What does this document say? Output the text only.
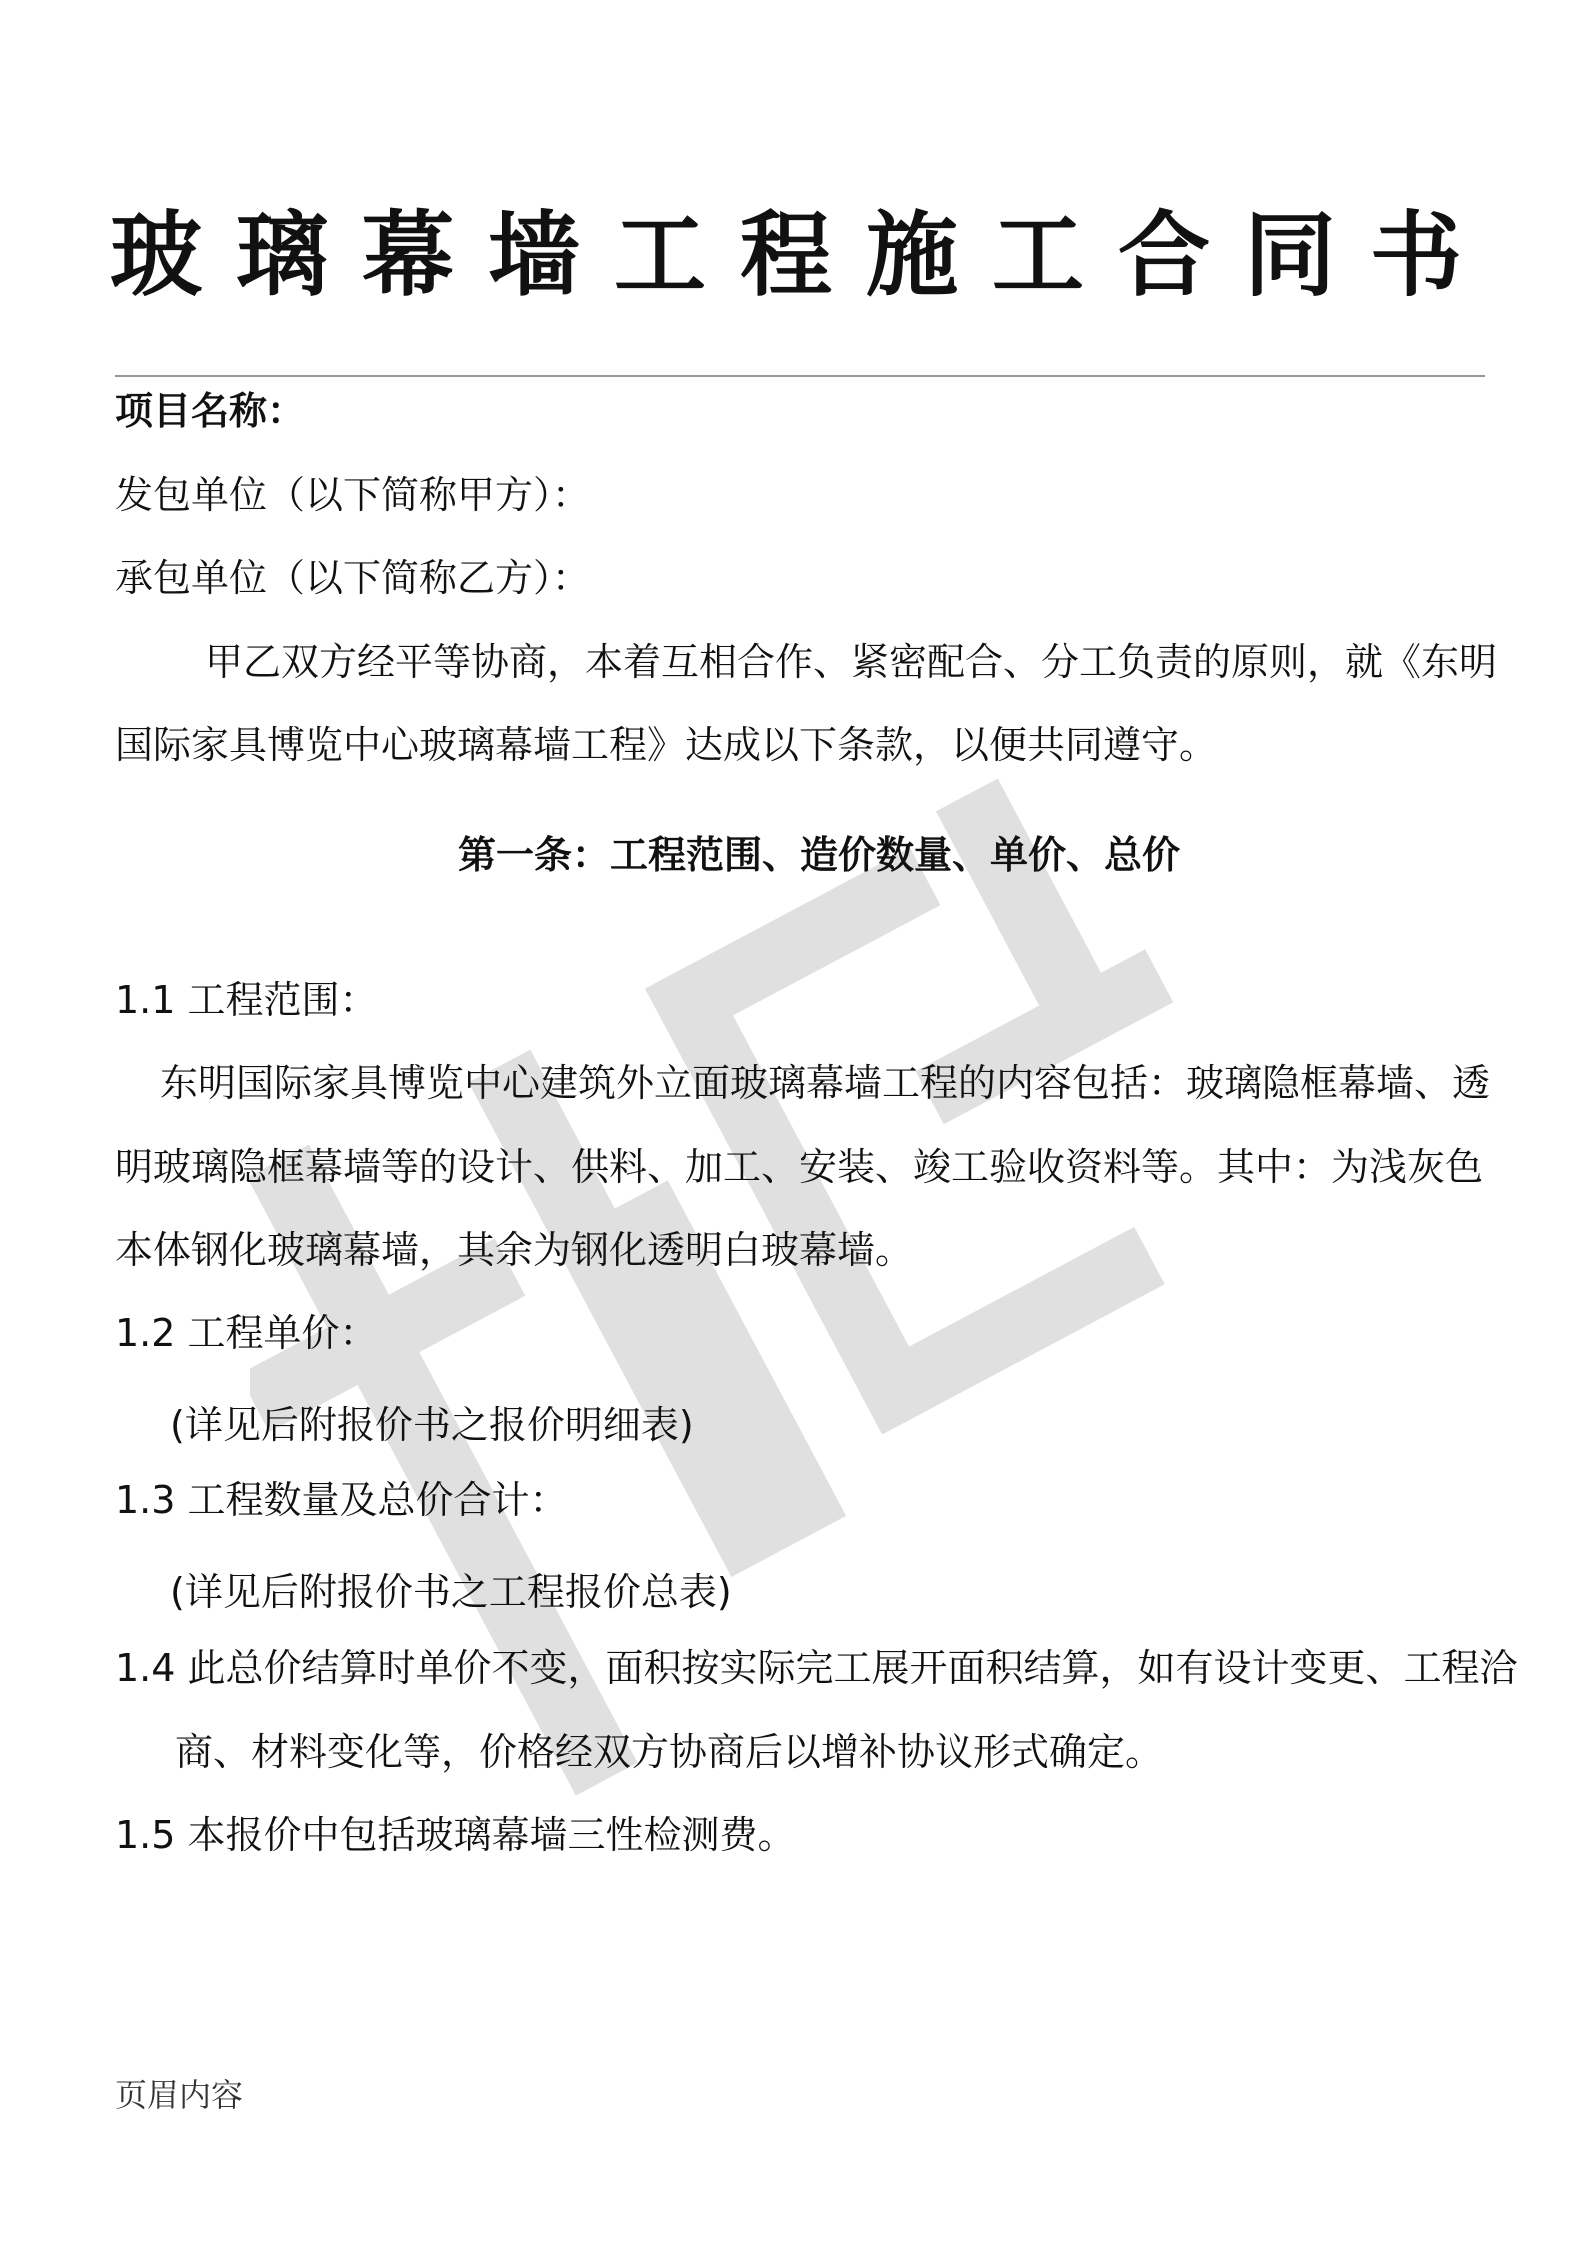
玻璃幕墙工程施工合同书
项目名称：
发包单位（以下简称甲方）：
承包单位（以下简称乙方）：
甲乙双方经平等协商，本着互相合作、紧密配合、分工负责的原则，就《东明
国际家具博览中心玻璃幕墙工程》达成以下条款，以便共同遵守。
第一条：工程范围、造价数量、单价、总价
1.1 工程范围：
东明国际家具博览中心建筑外立面玻璃幕墙工程的内容包括：玻璃隐框幕墙、透
明玻璃隐框幕墙等的设计、供料、加工、安装、竣工验收资料等。其中：为浅灰色
本体钢化玻璃幕墙，其余为钢化透明白玻幕墙。
1.2 工程单价：
(详见后附报价书之报价明细表)
1.3 工程数量及总价合计：
(详见后附报价书之工程报价总表)
1.4 此总价结算时单价不变，面积按实际完工展开面积结算，如有设计变更、工程洽
商、材料变化等，价格经双方协商后以增补协议形式确定。
1.5 本报价中包括玻璃幕墙三性检测费。
页眉内容
